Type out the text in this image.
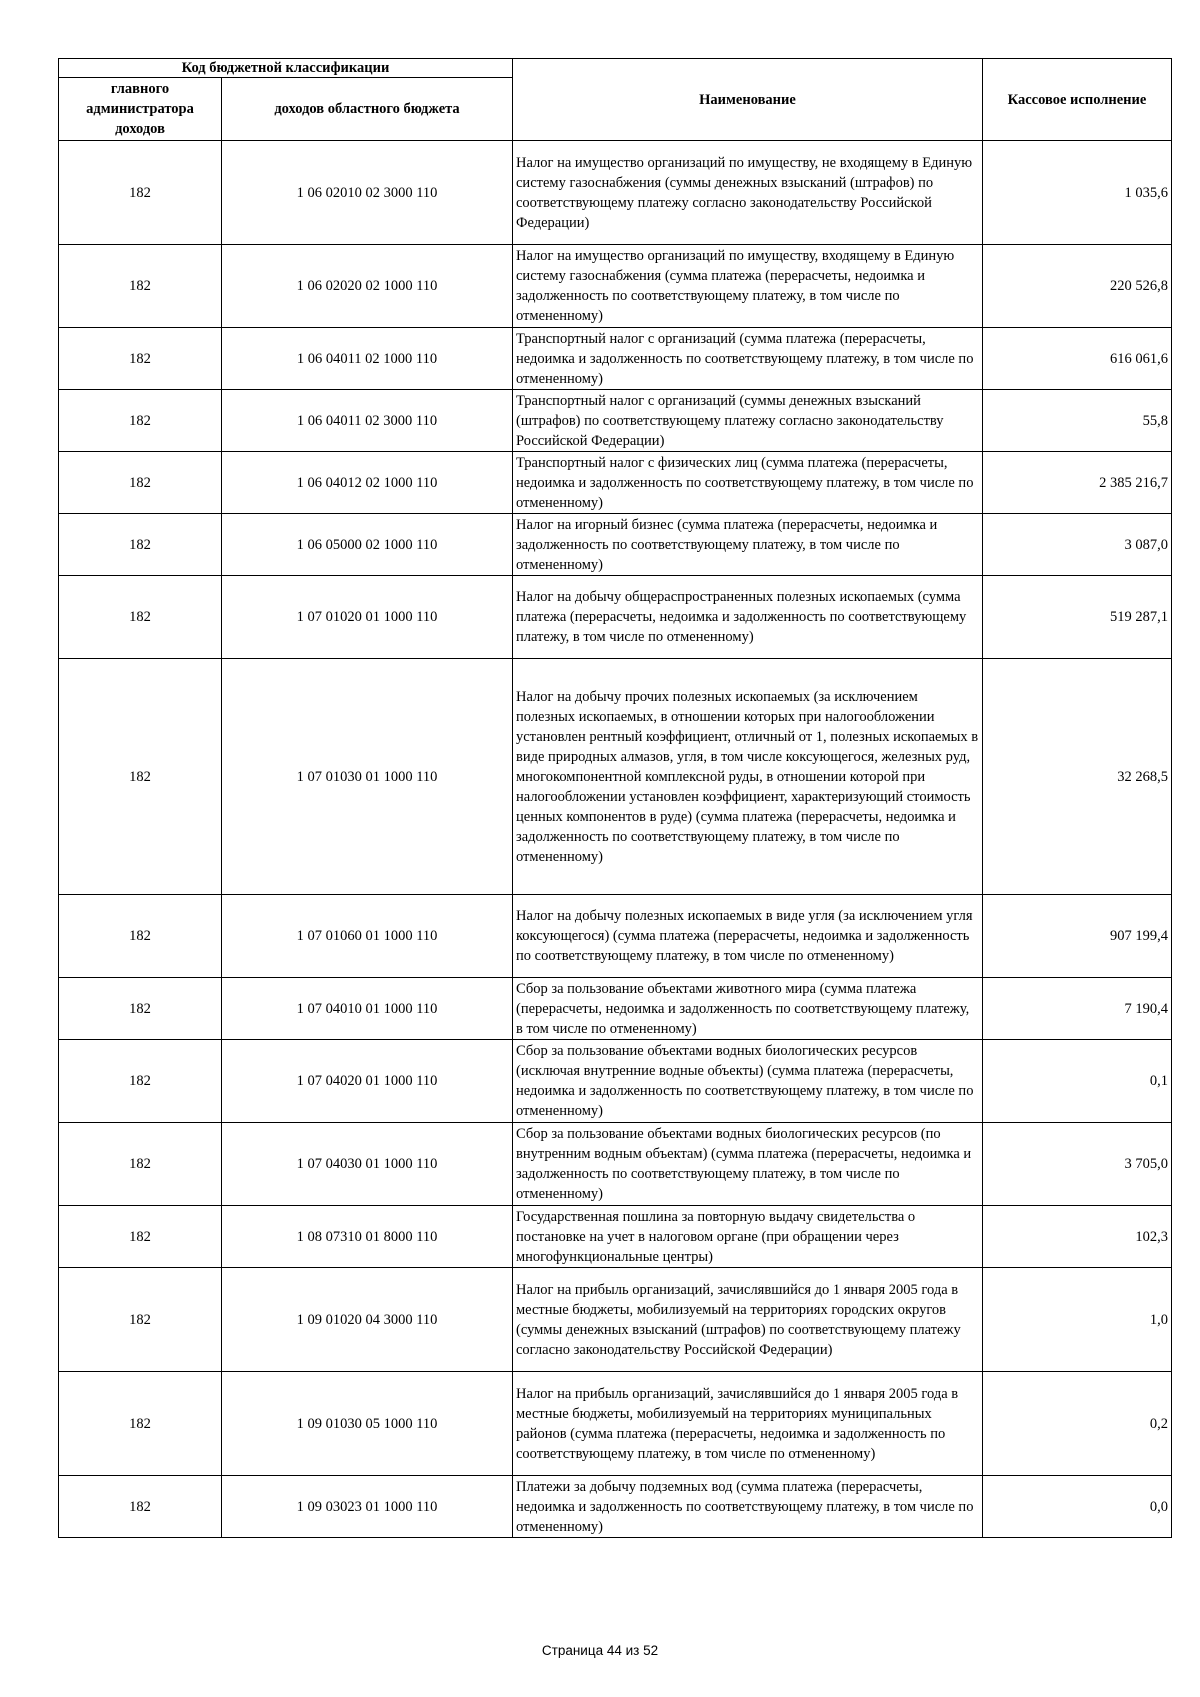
Код бюджетной классификации		Наименование	Кассовое исполнение
главного администратора доходов	доходов областного бюджета		
182	1 06 02010 02 3000 110	Налог на имущество организаций по имуществу, не входящему в Единую систему газоснабжения (суммы денежных взысканий (штрафов) по соответствующему платежу согласно законодательству Российской Федерации)	1 035,6
182	1 06 02020 02 1000 110	Налог на имущество организаций по имуществу, входящему в Единую систему газоснабжения (сумма платежа (перерасчеты, недоимка и задолженность по соответствующему платежу, в том числе по отмененному)	220 526,8
182	1 06 04011 02 1000 110	Транспортный налог с организаций (сумма платежа (перерасчеты, недоимка и задолженность по соответствующему платежу, в том числе по отмененному)	616 061,6
182	1 06 04011 02 3000 110	Транспортный налог с организаций (суммы денежных взысканий (штрафов) по соответствующему платежу согласно законодательству Российской Федерации)	55,8
182	1 06 04012 02 1000 110	Транспортный налог с физических лиц (сумма платежа (перерасчеты, недоимка и задолженность по соответствующему платежу, в том числе по отмененному)	2 385 216,7
182	1 06 05000 02 1000 110	Налог на игорный бизнес (сумма платежа (перерасчеты, недоимка и задолженность по соответствующему платежу, в том числе по отмененному)	3 087,0
182	1 07 01020 01 1000 110	Налог на добычу общераспространенных полезных ископаемых (сумма платежа (перерасчеты, недоимка и задолженность по соответствующему платежу, в том числе по отмененному)	519 287,1
182	1 07 01030 01 1000 110	Налог на добычу прочих полезных ископаемых (за исключением полезных ископаемых, в отношении которых при налогообложении установлен рентный коэффициент, отличный от 1, полезных ископаемых в виде природных алмазов, угля, в том числе коксующегося, железных руд, многокомпонентной комплексной руды, в отношении которой при налогообложении установлен коэффициент, характеризующий стоимость ценных компонентов в руде) (сумма платежа (перерасчеты, недоимка и задолженность по соответствующему платежу, в том числе по отмененному)	32 268,5
182	1 07 01060 01 1000 110	Налог на добычу полезных ископаемых в виде угля (за исключением угля коксующегося) (сумма платежа (перерасчеты, недоимка и задолженность по соответствующему платежу, в том числе по отмененному)	907 199,4
182	1 07 04010 01 1000 110	Сбор за пользование объектами животного мира (сумма платежа (перерасчеты, недоимка и задолженность по соответствующему платежу, в том числе по отмененному)	7 190,4
182	1 07 04020 01 1000 110	Сбор за пользование объектами водных биологических ресурсов (исключая внутренние водные объекты) (сумма платежа (перерасчеты, недоимка и задолженность по соответствующему платежу, в том числе по отмененному)	0,1
182	1 07 04030 01 1000 110	Сбор за пользование объектами водных биологических ресурсов (по внутренним водным объектам) (сумма платежа (перерасчеты, недоимка и задолженность по соответствующему платежу, в том числе по отмененному)	3 705,0
182	1 08 07310 01 8000 110	Государственная пошлина за повторную выдачу свидетельства о постановке на учет в налоговом органе (при обращении через многофункциональные центры)	102,3
182	1 09 01020 04 3000 110	Налог на прибыль организаций, зачислявшийся до 1 января 2005 года в местные бюджеты, мобилизуемый на территориях городских округов (суммы денежных взысканий (штрафов) по соответствующему платежу согласно законодательству Российской Федерации)	1,0
182	1 09 01030 05 1000 110	Налог на прибыль организаций, зачислявшийся до 1 января 2005 года в местные бюджеты, мобилизуемый на территориях муниципальных районов (сумма платежа (перерасчеты, недоимка и задолженность по соответствующему платежу, в том числе по отмененному)	0,2
182	1 09 03023 01 1000 110	Платежи за добычу подземных вод (сумма платежа (перерасчеты, недоимка и задолженность по соответствующему платежу, в том числе по отмененному)	0,0
Страница 44 из 52
